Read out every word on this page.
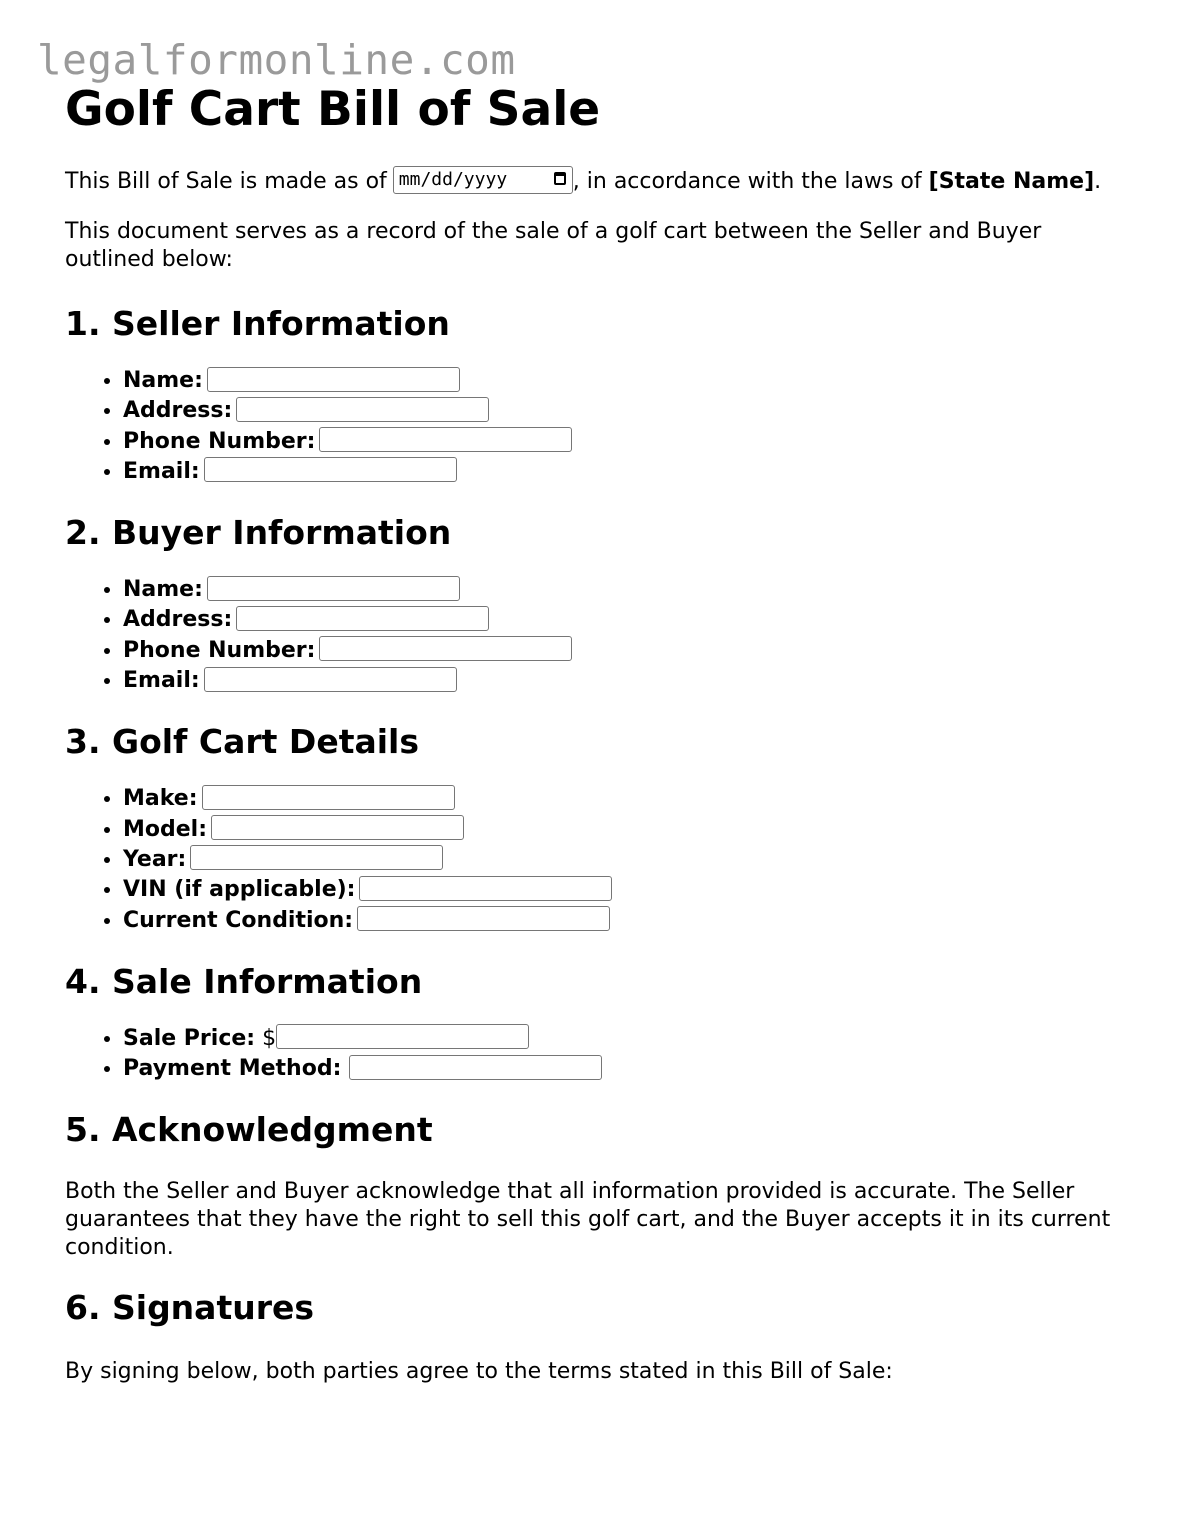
legalformonline.com
Golf Cart Bill of Sale

This Bill of Sale is made as of mm/dd/yyyy	, in accordance with the laws of [State Name].

This document serves as a record of the sale of a golf cart between the Seller and Buyer outlined below:

1. Seller Information
• Name:
• Address:
• Phone Number:
• Email:
2. Buyer Information
• Name:
• Address:
• Phone Number:
• Email:
3. Golf Cart Details
• Make:
• Model:
• Year:
• VIN (if applicable):
• Current Condition:
4. Sale Information
• Sale Price: $
• Payment Method:
5. Acknowledgment

Both the Seller and Buyer acknowledge that all information provided is accurate. The Seller guarantees that they have the right to sell this golf cart, and the Buyer accepts it in its current condition.

6. Signatures

By signing below, both parties agree to the terms stated in this Bill of Sale:
